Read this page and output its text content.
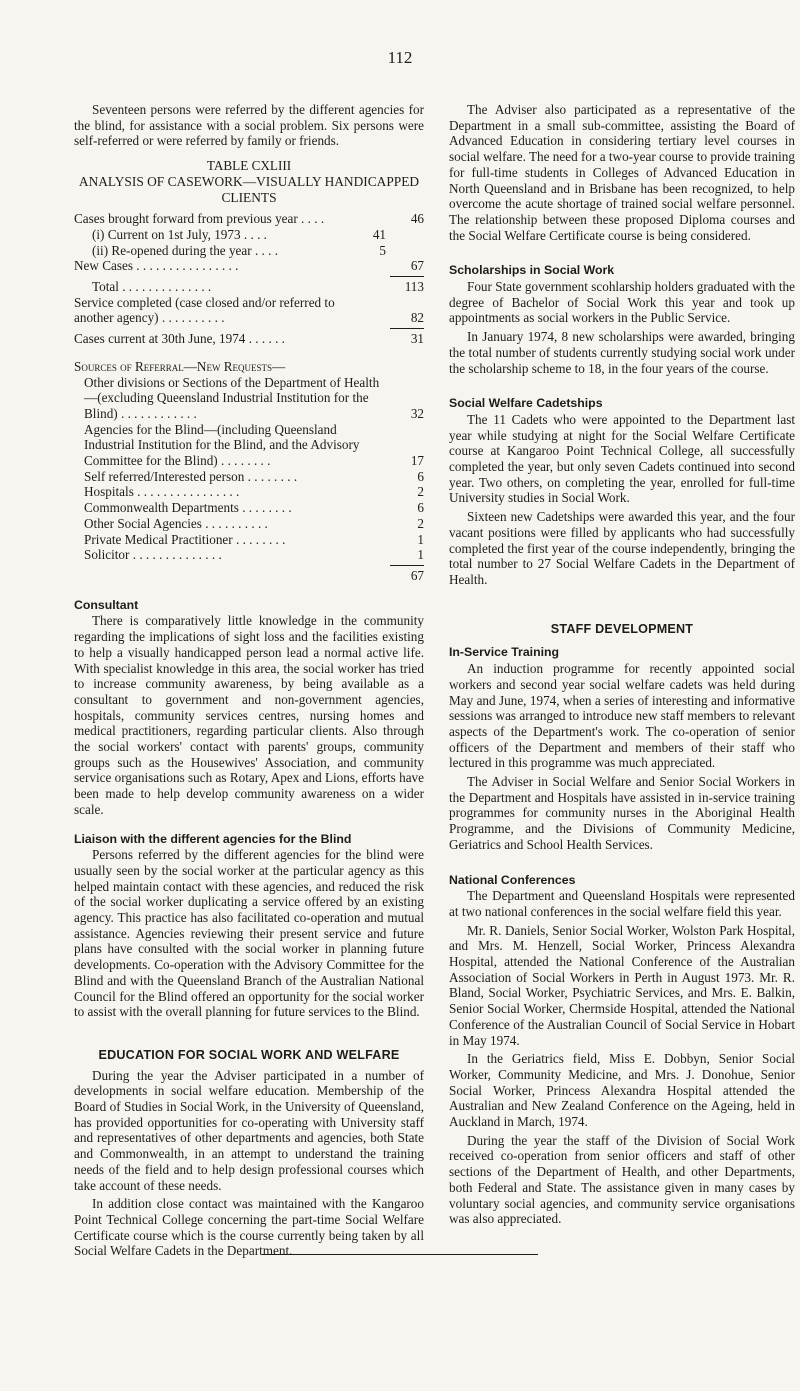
112

Seventeen persons were referred by the different agencies for the blind, for assistance with a social problem. Six persons were self-referred or were referred by family or friends.

TABLE CXLIII
ANALYSIS OF CASEWORK—VISUALLY HANDICAPPED CLIENTS
Cases brought forward from previous year . . . .	46
(i) Current on 1st July, 1973 . . . .	41
(ii) Re-opened during the year . . . .	5
New Cases . . . . . . . . . . . . . . . .	67
Total . . . . . . . . . . . . . .	113
Service completed (case closed and/or referred to another agency) . . . . . . . . . .	82
Cases current at 30th June, 1974 . . . . . .	31
Sources of Referral—New Requests—
Other divisions or Sections of the Department of Health—(excluding Queensland Industrial Institution for the Blind) . . . . . . . . . . . .	32
Agencies for the Blind—(including Queensland Industrial Institution for the Blind, and the Advisory Committee for the Blind) . . . . . . . .	17
Self referred/Interested person . . . . . . . .	6
Hospitals . . . . . . . . . . . . . . . .	2
Commonwealth Departments . . . . . . . .	6
Other Social Agencies . . . . . . . . . .	2
Private Medical Practitioner . . . . . . . .	1
Solicitor . . . . . . . . . . . . . .	1
67
Consultant

There is comparatively little knowledge in the community regarding the implications of sight loss and the facilities existing to help a visually handicapped person lead a normal active life. With specialist knowledge in this area, the social worker has tried to increase community awareness, by being available as a consultant to government and non-government agencies, hospitals, community services centres, nursing homes and medical practitioners, regarding particular clients. Also through the social workers' contact with parents' groups, community groups such as the Housewives' Association, and community service organisations such as Rotary, Apex and Lions, efforts have been made to help develop community awareness on a wider scale.

Liaison with the different agencies for the Blind

Persons referred by the different agencies for the blind were usually seen by the social worker at the particular agency as this helped maintain contact with these agencies, and reduced the risk of the social worker duplicating a service offered by an existing agency. This practice has also facilitated co-operation and mutual assistance. Agencies reviewing their present service and future plans have consulted with the social worker in planning future developments. Co-operation with the Advisory Committee for the Blind and with the Queensland Branch of the Australian National Council for the Blind offered an opportunity for the social worker to assist with the overall planning for future services to the Blind.

EDUCATION FOR SOCIAL WORK AND WELFARE

During the year the Adviser participated in a number of developments in social welfare education. Membership of the Board of Studies in Social Work, in the University of Queensland, has provided opportunities for co-operating with University staff and representatives of other departments and agencies, both State and Commonwealth, in an attempt to understand the training needs of the field and to help design professional courses which take account of these needs.

In addition close contact was maintained with the Kangaroo Point Technical College concerning the part-time Social Welfare Certificate course which is the course currently being taken by all Social Welfare Cadets in the Department.

The Adviser also participated as a representative of the Department in a small sub-committee, assisting the Board of Advanced Education in considering tertiary level courses in social welfare. The need for a two-year course to provide training for full-time students in Colleges of Advanced Education in North Queensland and in Brisbane has been recognized, to help overcome the acute shortage of trained social welfare personnel. The relationship between these proposed Diploma courses and the Social Welfare Certificate course is being considered.

Scholarships in Social Work

Four State government scohlarship holders graduated with the degree of Bachelor of Social Work this year and took up appointments as social workers in the Public Service.

In January 1974, 8 new scholarships were awarded, bringing the total number of students currently studying social work under the scholarship scheme to 18, in the four years of the course.

Social Welfare Cadetships

The 11 Cadets who were appointed to the Department last year while studying at night for the Social Welfare Certificate course at Kangaroo Point Technical College, all successfully completed the year, but only seven Cadets continued into second year. Two others, on completing the year, enrolled for full-time University studies in Social Work.

Sixteen new Cadetships were awarded this year, and the four vacant positions were filled by applicants who had successfully completed the first year of the course independently, bringing the total number to 27 Social Welfare Cadets in the Department of Health.

STAFF DEVELOPMENT
In-Service Training

An induction programme for recently appointed social workers and second year social welfare cadets was held during May and June, 1974, when a series of interesting and informative sessions was arranged to introduce new staff members to relevant aspects of the Department's work. The co-operation of senior officers of the Department and members of their staff who lectured in this programme was much appreciated.

The Adviser in Social Welfare and Senior Social Workers in the Department and Hospitals have assisted in in-service training programmes for community nurses in the Aboriginal Health Programme, and the Divisions of Community Medicine, Geriatrics and School Health Services.

National Conferences

The Department and Queensland Hospitals were represented at two national conferences in the social welfare field this year.

Mr. R. Daniels, Senior Social Worker, Wolston Park Hospital, and Mrs. M. Henzell, Social Worker, Princess Alexandra Hospital, attended the National Conference of the Australian Association of Social Workers in Perth in August 1973. Mr. R. Bland, Social Worker, Psychiatric Services, and Mrs. E. Balkin, Senior Social Worker, Chermside Hospital, attended the National Conference of the Australian Council of Social Service in Hobart in May 1974.

In the Geriatrics field, Miss E. Dobbyn, Senior Social Worker, Community Medicine, and Mrs. J. Donohue, Senior Social Worker, Princess Alexandra Hospital attended the Australian and New Zealand Conference on the Ageing, held in Auckland in March, 1974.

During the year the staff of the Division of Social Work received co-operation from senior officers and staff of other sections of the Department of Health, and other Departments, both Federal and State. The assistance given in many cases by voluntary social agencies, and community service organisations was also appreciated.
